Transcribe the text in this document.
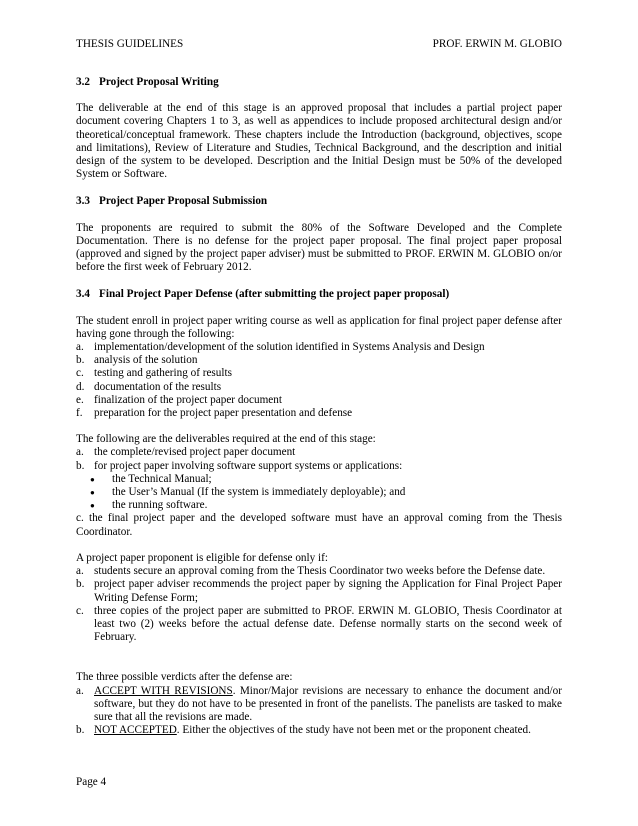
THESIS GUIDELINES	PROF. ERWIN M. GLOBIO
3.2 Project Proposal Writing

The deliverable at the end of this stage is an approved proposal that includes a partial project paper document covering Chapters 1 to 3, as well as appendices to include proposed architectural design and/or theoretical/conceptual framework. These chapters include the Introduction (background, objectives, scope and limitations), Review of Literature and Studies, Technical Background, and the description and initial design of the system to be developed. Description and the Initial Design must be 50% of the developed System or Software.

3.3 Project Paper Proposal Submission

The proponents are required to submit the 80% of the Software Developed and the Complete Documentation. There is no defense for the project paper proposal. The final project paper proposal (approved and signed by the project paper adviser) must be submitted to PROF. ERWIN M. GLOBIO on/or before the first week of February 2012.

3.4 Final Project Paper Defense (after submitting the project paper proposal)

The student enroll in project paper writing course as well as application for final project paper defense after having gone through the following:

a. implementation/development of the solution identified in Systems Analysis and Design
b. analysis of the solution
c. testing and gathering of results
d. documentation of the results
e. finalization of the project paper document
f. preparation for the project paper presentation and defense

The following are the deliverables required at the end of this stage:

a. the complete/revised project paper document
b. for project paper involving software support systems or applications:
● the Technical Manual;
● the User’s Manual (If the system is immediately deployable); and
● the running software.

c. the final project paper and the developed software must have an approval coming from the Thesis Coordinator.

A project paper proponent is eligible for defense only if:

a. students secure an approval coming from the Thesis Coordinator two weeks before the Defense date.
b. project paper adviser recommends the project paper by signing the Application for Final Project Paper Writing Defense Form;
c. three copies of the project paper are submitted to PROF. ERWIN M. GLOBIO, Thesis Coordinator at least two (2) weeks before the actual defense date. Defense normally starts on the second week of February.

The three possible verdicts after the defense are:

a. ACCEPT WITH REVISIONS. Minor/Major revisions are necessary to enhance the document and/or software, but they do not have to be presented in front of the panelists. The panelists are tasked to make sure that all the revisions are made.
b. NOT ACCEPTED. Either the objectives of the study have not been met or the proponent cheated.
Page 4
